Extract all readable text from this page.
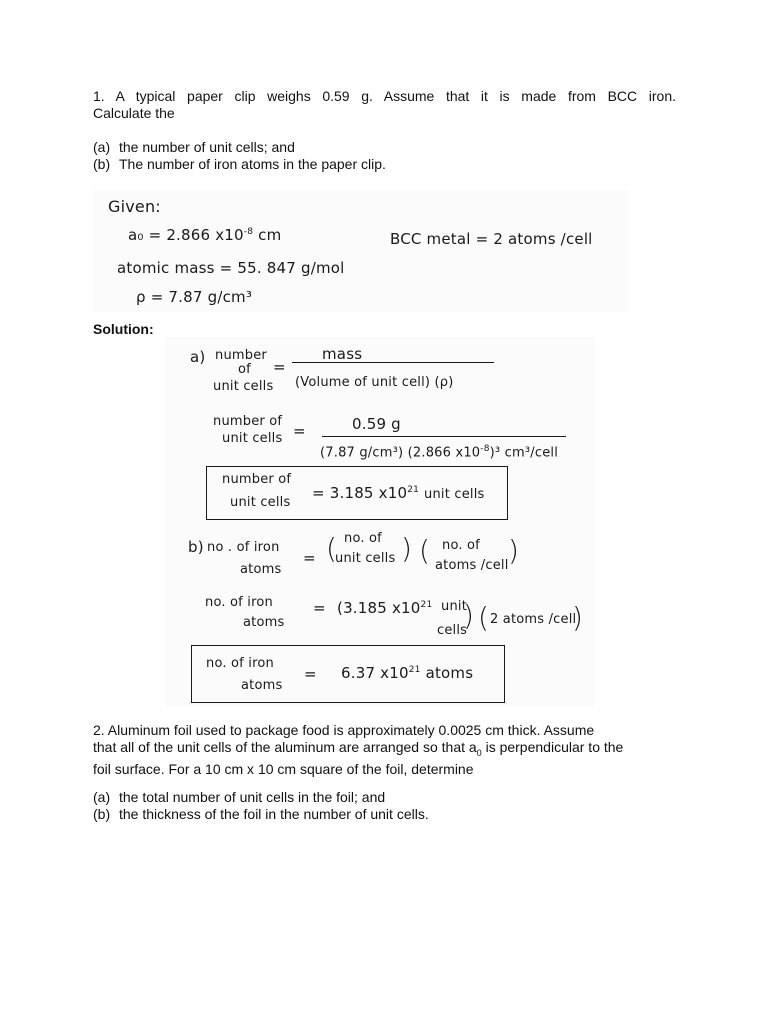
1. A typical paper clip weighs 0.59 g. Assume that it is made from BCC iron.
Calculate the
(a) the number of unit cells; and
(b) The number of iron atoms in the paper clip.
Given:
a₀ = 2.866 $x10^{-8}$ cm	BCC metal = 2 atoms /cell
atomic mass = 55. 847 g/mol
ρ = 7.87 g/cm³
Solution:
a) number
of
unit cells
=
mass
(Volume of unit cell) (ρ)
number of
unit cells =	0.59 g
(7.87 g/cm³) (2.866 $x10^{-8})^3$ cm³/cell
number of
unit cells
= 3.185 $x10^{21}$ unit cells
b) no . of iron
atoms
= ( no. of
unit cells ) ( no. of
atoms /cell )
no. of iron
atoms
= (3.185 $x10^{21}$ unit
cells
) ( 2 atoms /cell
)
no. of iron
atoms
= 6.37 $x10^{21}$ atoms
2. Aluminum foil used to package food is approximately 0.0025 cm thick. Assume
that all of the unit cells of the aluminum are arranged so that $a_0$ is perpendicular to the
foil surface. For a 10 cm x 10 cm square of the foil, determine
(a) the total number of unit cells in the foil; and
(b) the thickness of the foil in the number of unit cells.
